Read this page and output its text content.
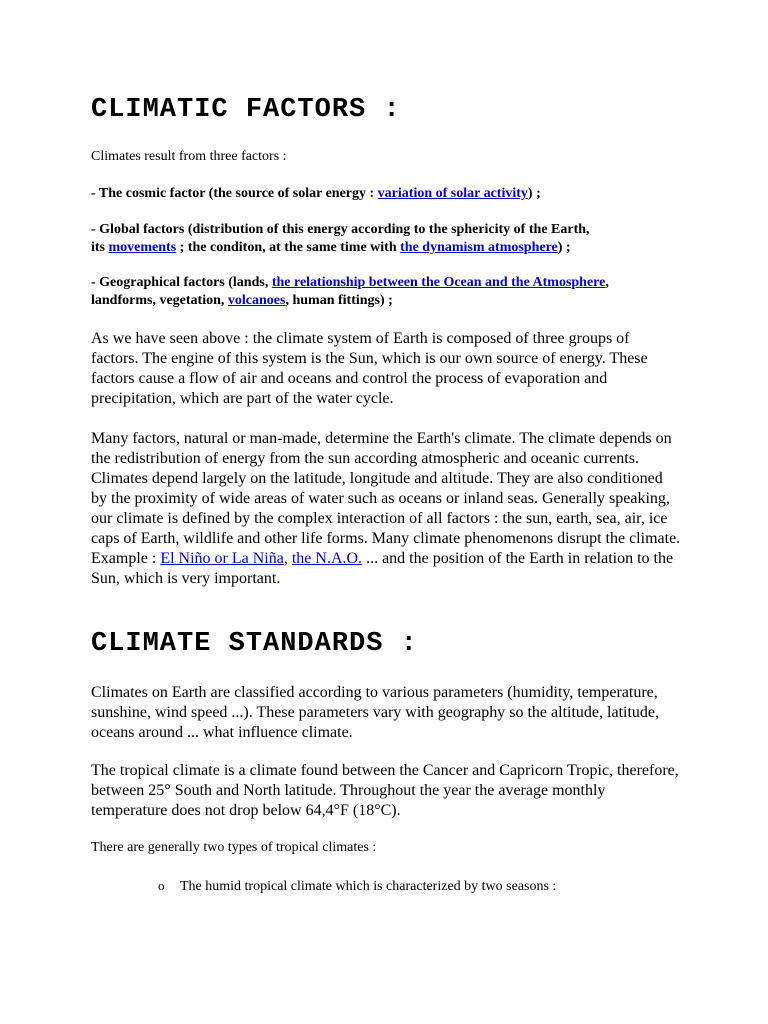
CLIMATIC FACTORS :

Climates result from three factors :

- The cosmic factor (the source of solar energy : variation of solar activity) ;

- Global factors (distribution of this energy according to the sphericity of the Earth,
its movements ; the conditon, at the same time with the dynamism atmosphere) ;

- Geographical factors (lands, the relationship between the Ocean and the Atmosphere,
landforms, vegetation, volcanoes, human fittings) ;

As we have seen above : the climate system of Earth is composed of three groups of factors. The engine of this system is the Sun, which is our own source of energy. These factors cause a flow of air and oceans and control the process of evaporation and precipitation, which are part of the water cycle.

Many factors, natural or man-made, determine the Earth's climate. The climate depends on the redistribution of energy from the sun according atmospheric and oceanic currents. Climates depend largely on the latitude, longitude and altitude. They are also conditioned by the proximity of wide areas of water such as oceans or inland seas. Generally speaking, our climate is defined by the complex interaction of all factors : the sun, earth, sea, air, ice caps of Earth, wildlife and other life forms. Many climate phenomenons disrupt the climate. Example : El Niño or La Niña, the N.A.O. ... and the position of the Earth in relation to the Sun, which is very important.

CLIMATE STANDARDS :

Climates on Earth are classified according to various parameters (humidity, temperature, sunshine, wind speed ...). These parameters vary with geography so the altitude, latitude, oceans around ... what influence climate.

The tropical climate is a climate found between the Cancer and Capricorn Tropic, therefore, between 25° South and North latitude. Throughout the year the average monthly temperature does not drop below 64,4°F (18°C).

There are generally two types of tropical climates :

o	The humid tropical climate which is characterized by two seasons :
